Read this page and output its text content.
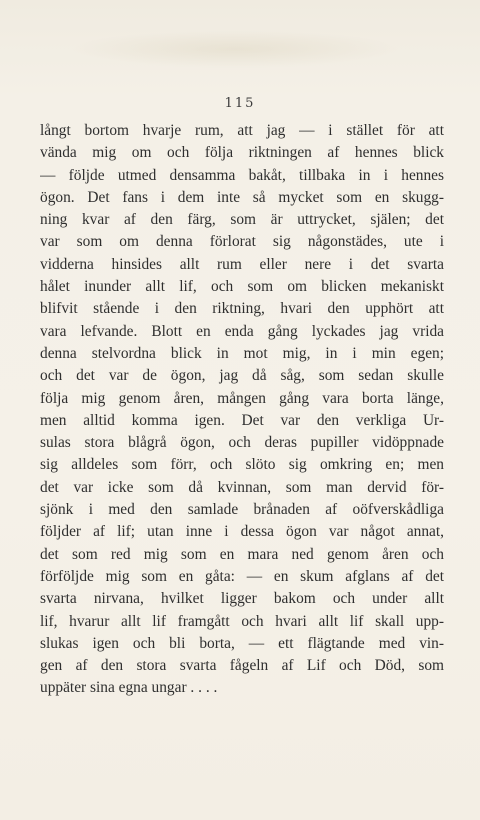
115
långt bortom hvarje rum, att jag — i stället för att
vända mig om och följa riktningen af hennes blick
— följde utmed densamma bakåt, tillbaka in i hennes
ögon. Det fans i dem inte så mycket som en skugg-
ning kvar af den färg, som är uttrycket, själen; det
var som om denna förlorat sig någonstädes, ute i
vidderna hinsides allt rum eller nere i det svarta
hålet inunder allt lif, och som om blicken mekaniskt
blifvit stående i den riktning, hvari den upphört att
vara lefvande. Blott en enda gång lyckades jag vrida
denna stelvordna blick in mot mig, in i min egen;
och det var de ögon, jag då såg, som sedan skulle
följa mig genom åren, mången gång vara borta länge,
men alltid komma igen. Det var den verkliga Ur-
sulas stora blågrå ögon, och deras pupiller vidöppnade
sig alldeles som förr, och slöto sig omkring en; men
det var icke som då kvinnan, som man dervid för-
sjönk i med den samlade brånaden af oöfverskådliga
följder af lif; utan inne i dessa ögon var något annat,
det som red mig som en mara ned genom åren och
förföljde mig som en gåta: — en skum afglans af det
svarta nirvana, hvilket ligger bakom och under allt
lif, hvarur allt lif framgått och hvari allt lif skall upp-
slukas igen och bli borta, — ett flägtande med vin-
gen af den stora svarta fågeln af Lif och Död, som
uppäter sina egna ungar . . . .
